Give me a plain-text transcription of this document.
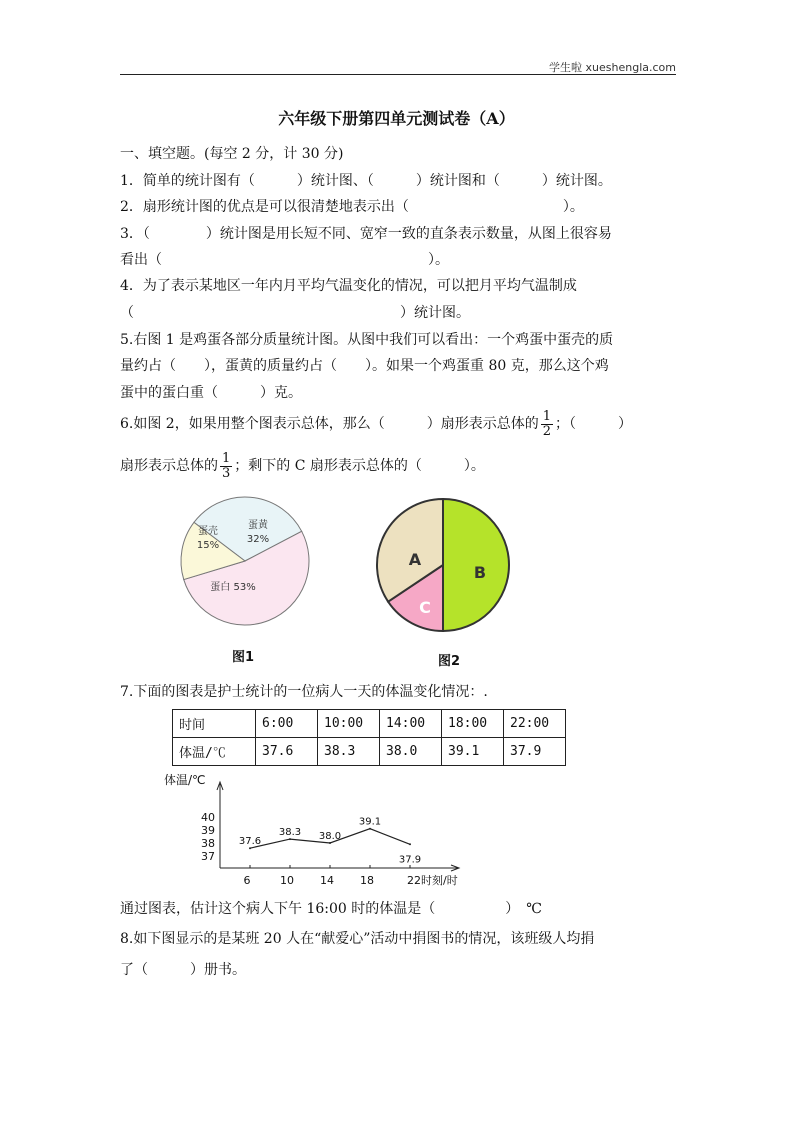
学生啦 xueshengla.com
六年级下册第四单元测试卷（A）
一、填空题。(每空 2 分，计 30 分)
1．简单的统计图有（　　　）统计图、（　　　）统计图和（　　　）统计图。
2．扇形统计图的优点是可以很清楚地表示出（　　　　　　　　　　　）。
3．（　　　　）统计图是用长短不同、宽窄一致的直条表示数量，从图上很容易
看出（　　　　　　　　　　　　　　　　　　　）。
4．为了表示某地区一年内月平均气温变化的情况，可以把月平均气温制成
（　　　　　　　　　　　　　　　　　　　）统计图。
5.右图 1 是鸡蛋各部分质量统计图。从图中我们可以看出：一个鸡蛋中蛋壳的质
量约占（　　），蛋黄的质量约占（　　）。如果一个鸡蛋重 80 克，那么这个鸡
蛋中的蛋白重（　　　）克。
6.如图 2，如果用整个图表示总体，那么（　　　）扇形表示总体的 $\frac{1}{2}$ ；（　　　）
扇形表示总体的 $\frac{1}{3}$ ；剩下的 C 扇形表示总体的（　　　）。
蛋黄
32%
蛋白 53%
蛋壳
15%
图1
A
B
C
图2
7.下面的图表是护士统计的一位病人一天的体温变化情况：.
时间	6:00	10:00	14:00	18:00	22:00
体温/℃	37.6	38.3	38.0	39.1	37.9
体温/℃
37
38
39
40
6	10 14 18	22时刻/时
37.6
38.3 38.0
39.1
37.9
通过图表，估计这个病人下午 16:00 时的体温是（　　　　　）　℃
8.如下图显示的是某班 20 人在“献爱心”活动中捐图书的情况，该班级人均捐
了（　　　）册书。
